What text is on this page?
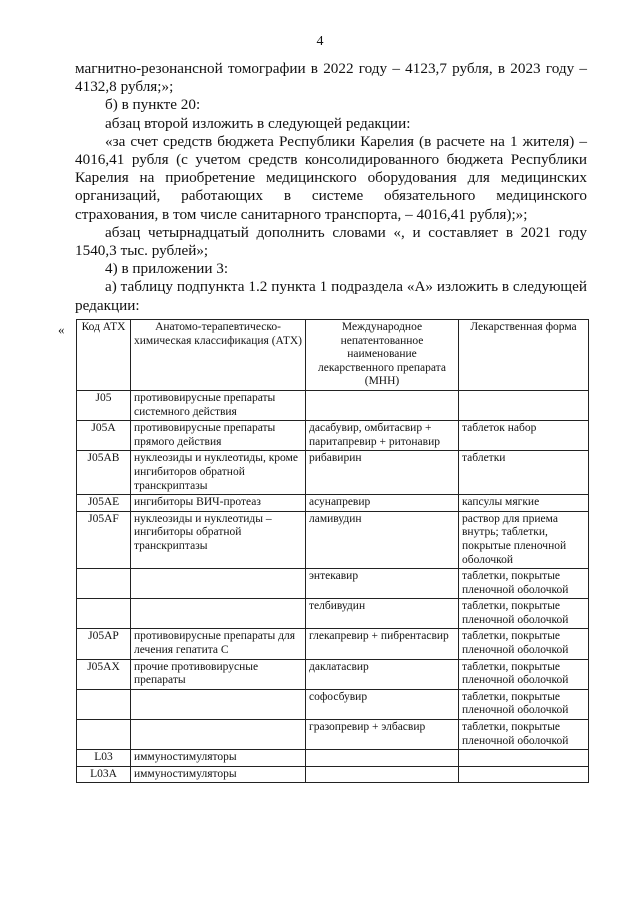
4

магнитно-резонансной томографии в 2022 году – 4123,7 рубля, в 2023 году – 4132,8 рубля;»;

б) в пункте 20:

абзац второй изложить в следующей редакции:

«за счет средств бюджета Республики Карелия (в расчете на 1 жителя) – 4016,41 рубля (с учетом средств консолидированного бюджета Республики Карелия на приобретение медицинского оборудования для медицинских организаций, работающих в системе обязательного медицинского страхования, в том числе санитарного транспорта, – 4016,41 рубля);»;

абзац четырнадцатый дополнить словами «, и составляет в 2021 году 1540,3 тыс. рублей»;

4) в приложении 3:

а) таблицу подпункта 1.2 пункта 1 подраздела «А» изложить в следующей редакции:

« Код АТХ	Анатомо-терапевтическо-химическая классификация (АТХ)	Международное непатентованное наименование лекарственного препарата (МНН)	Лекарственная форма
J05	противовирусные препараты системного действия		
J05A	противовирусные препараты прямого действия	дасабувир, омбитасвир + паритапревир + ритонавир	таблеток набор
J05AB	нуклеозиды и нуклеотиды, кроме ингибиторов обратной транскриптазы	рибавирин	таблетки
J05AE	ингибиторы ВИЧ-протеаз	асунапревир	капсулы мягкие
J05AF	нуклеозиды и нуклеотиды – ингибиторы обратной транскриптазы	ламивудин	раствор для приема внутрь; таблетки, покрытые пленочной оболочкой
		энтекавир	таблетки, покрытые пленочной оболочкой
		телбивудин	таблетки, покрытые пленочной оболочкой
J05AP	противовирусные препараты для лечения гепатита С	глекапревир + пибрентасвир	таблетки, покрытые пленочной оболочкой
J05AX	прочие противовирусные препараты	даклатасвир	таблетки, покрытые пленочной оболочкой
		софосбувир	таблетки, покрытые пленочной оболочкой
		гразопревир + элбасвир	таблетки, покрытые пленочной оболочкой
L03	иммуностимуляторы		
L03A	иммуностимуляторы		
